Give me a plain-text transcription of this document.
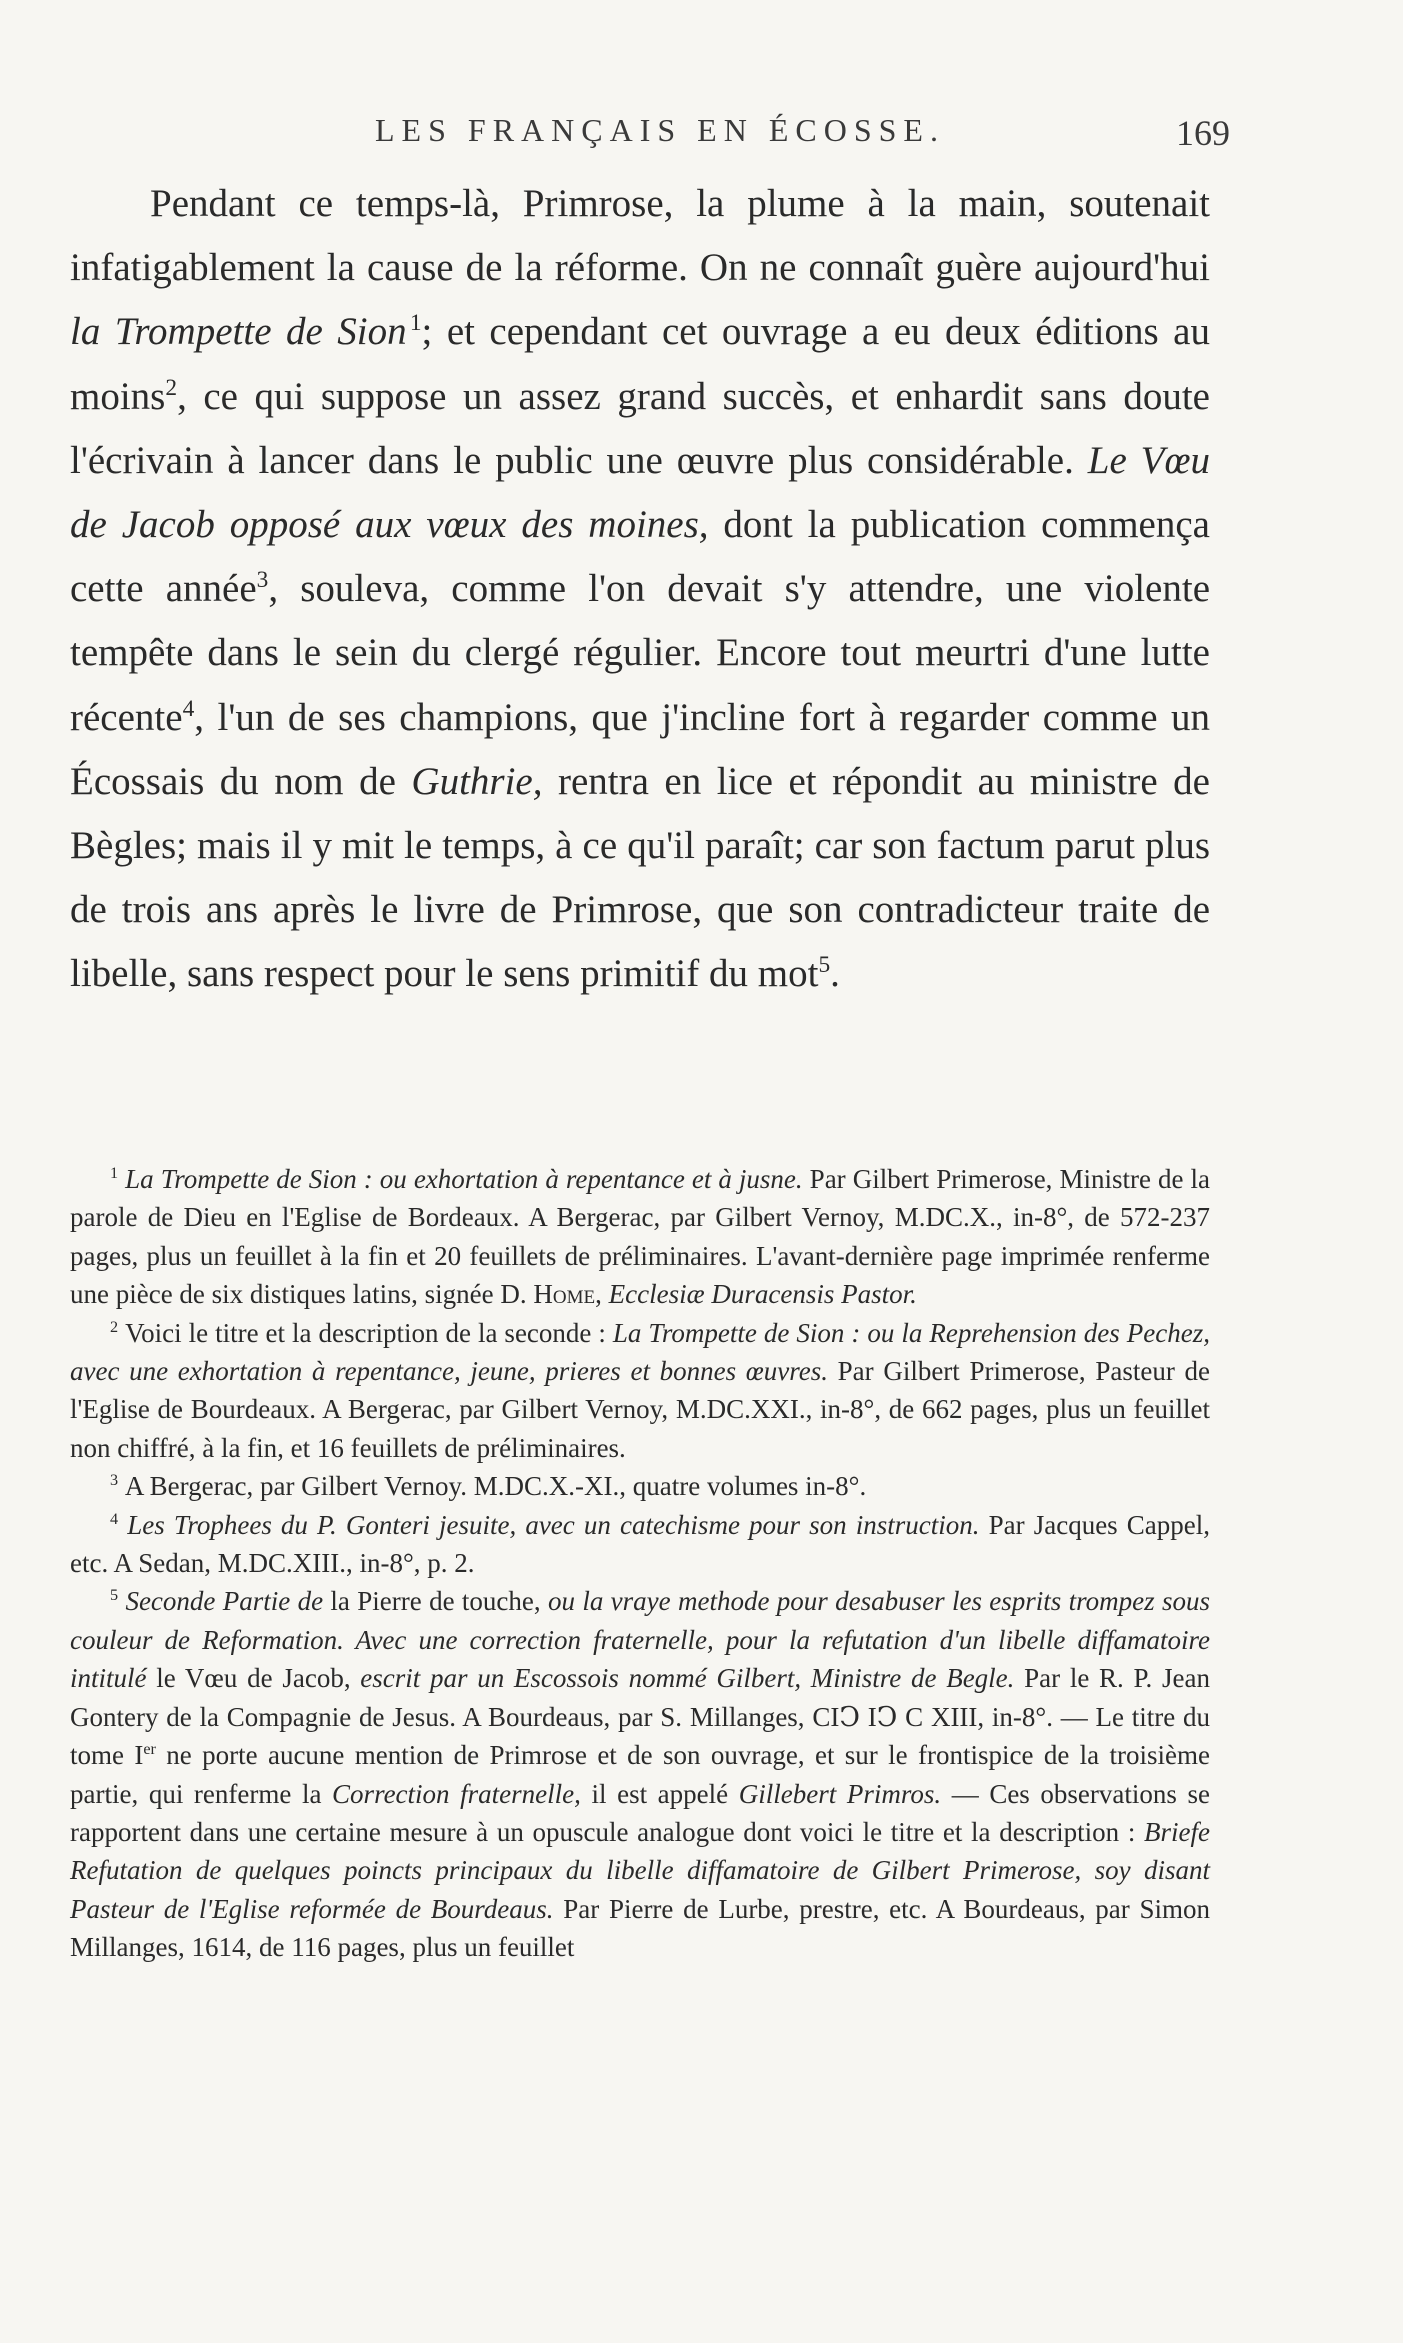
LES FRANÇAIS EN ÉCOSSE.	169
Pendant ce temps-là, Primrose, la plume à la main, soutenait infatigablement la cause de la réforme. On ne connaît guère aujourd'hui la Trompette de Sion  $^1$; et cependant cet ouvrage a eu deux éditions au moins$^2$, ce qui suppose un assez grand succès, et enhardit sans doute l'écrivain à lancer dans le public une œuvre plus considérable. Le Vœu de Jacob opposé aux vœux des moines, dont la publication commença cette année$^3$, souleva, comme l'on devait s'y attendre, une violente tempête dans le sein du clergé régulier. Encore tout meurtri d'une lutte récente$^4$, l'un de ses champions, que j'incline fort à regarder comme un Écossais du nom de Guthrie, rentra en lice et répondit au ministre de Bègles; mais il y mit le temps, à ce qu'il paraît; car son factum parut plus de trois ans après le livre de Primrose, que son contradicteur traite de libelle, sans respect pour le sens primitif du mot$^5$.

$^1$ La Trompette de Sion : ou exhortation à repentance et à jusne. Par Gilbert Primerose, Ministre de la parole de Dieu en l'Eglise de Bordeaux. A Bergerac, par Gilbert Vernoy, M.DC.X., in-8°, de 572-237 pages, plus un feuillet à la fin et 20 feuillets de préliminaires. L'avant-dernière page imprimée renferme une pièce de six distiques latins, signée D. Home, Ecclesiæ Duracensis Pastor.

$^2$ Voici le titre et la description de la seconde : La Trompette de Sion : ou la Reprehension des Pechez, avec une exhortation à repentance, jeune, prieres et bonnes œuvres. Par Gilbert Primerose, Pasteur de l'Eglise de Bourdeaux. A Bergerac, par Gilbert Vernoy, M.DC.XXI., in-8°, de 662 pages, plus un feuillet non chiffré, à la fin, et 16 feuillets de préliminaires.

$^3$ A Bergerac, par Gilbert Vernoy. M.DC.X.-XI., quatre volumes in-8°.

$^4$ Les Trophees du P. Gonteri jesuite, avec un catechisme pour son instruction. Par Jacques Cappel, etc. A Sedan, M.DC.XIII., in-8°, p. 2.

$^5$ Seconde Partie de la Pierre de touche, ou la vraye methode pour desabuser les esprits trompez sous couleur de Reformation. Avec une correction fraternelle, pour la refutation d'un libelle diffamatoire intitulé le Vœu de Jacob, escrit par un Escossois nommé Gilbert, Ministre de Begle. Par le R. P. Jean Gontery de la Compagnie de Jesus. A Bourdeaus, par S. Millanges, CIↃ IↃ C XIII, in-8°. — Le titre du tome Ier ne porte aucune mention de Primrose et de son ouvrage, et sur le frontispice de la troisième partie, qui renferme la Correction fraternelle, il est appelé Gillebert Primros. — Ces observations se rapportent dans une certaine mesure à un opuscule analogue dont voici le titre et la description : Briefe Refutation de quelques poincts principaux du libelle diffamatoire de Gilbert Primerose, soy disant Pasteur de l'Eglise reformée de Bourdeaus. Par Pierre de Lurbe, prestre, etc. A Bourdeaus, par Simon Millanges, 1614, de 116 pages, plus un feuillet
